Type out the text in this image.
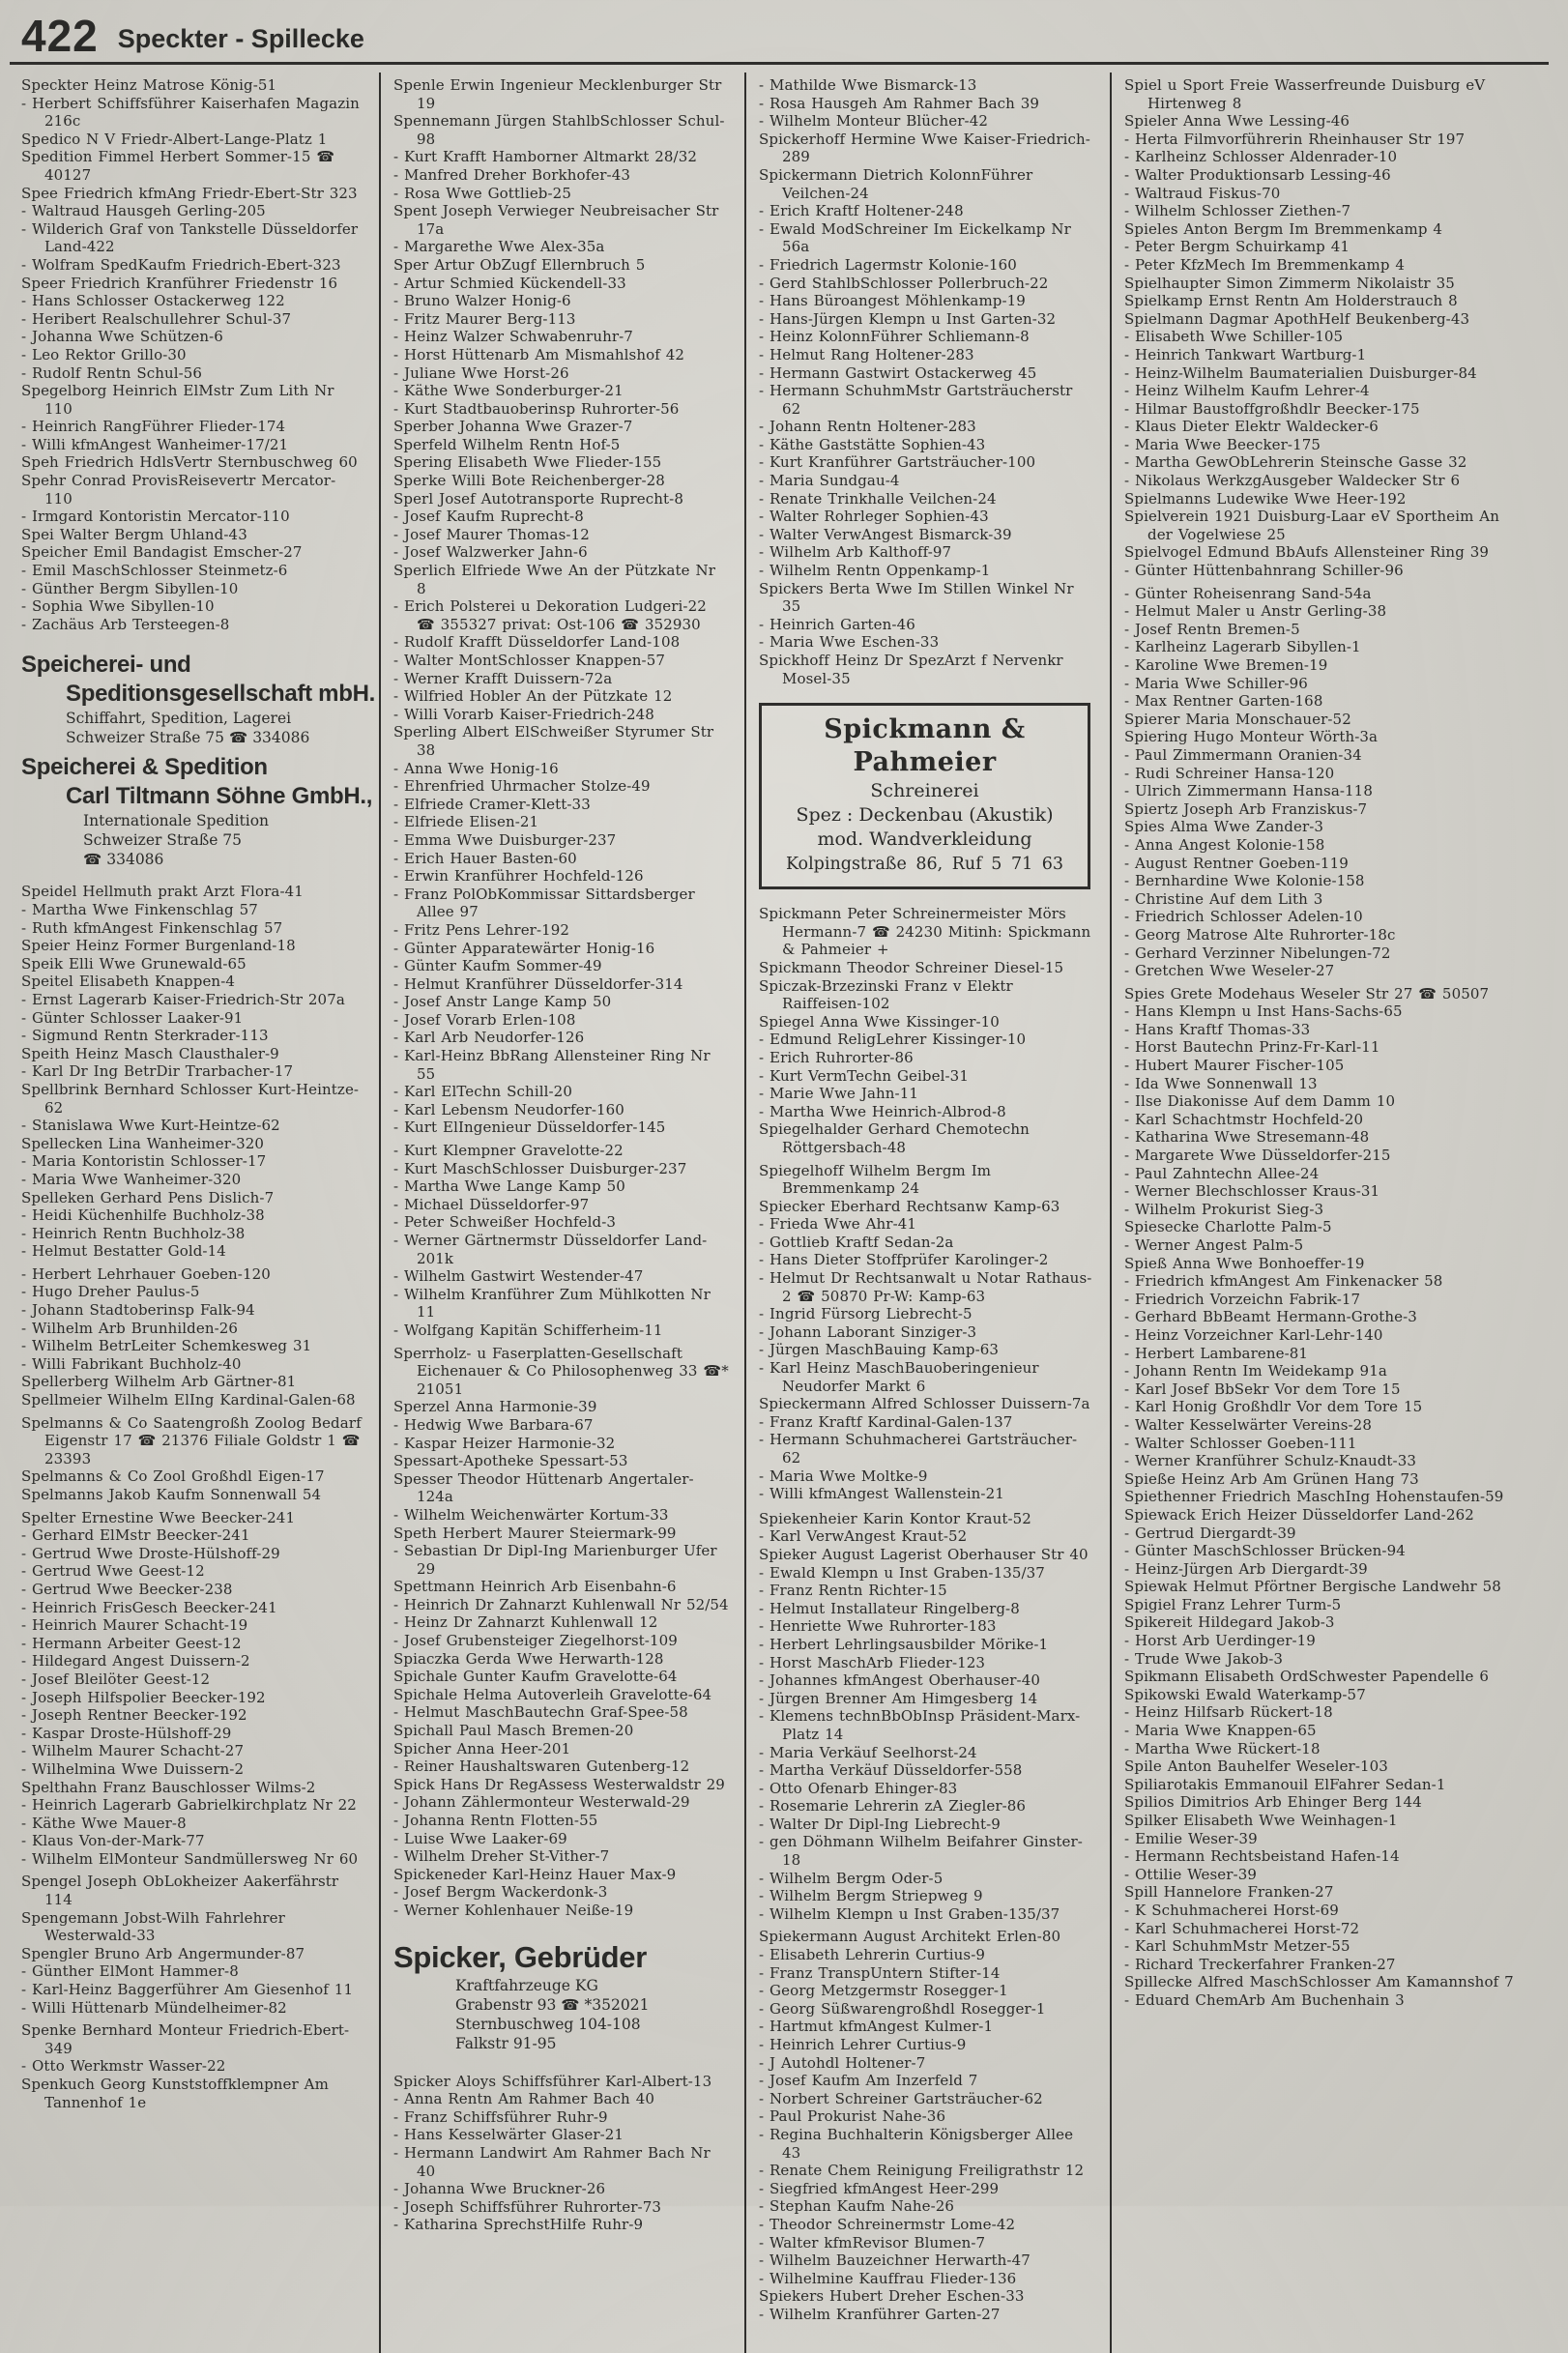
422 Speckter - Spillecke
Speckter Heinz Matrose König-51
- Herbert Schiffsführer Kaiserhafen Magazin 216c
Spedico N V Friedr-Albert-Lange-Platz 1
Spedition Fimmel Herbert Sommer-15 ☎ 40127
Spee Friedrich kfmAng Friedr-Ebert-Str 323
- Waltraud Hausgeh Gerling-205
- Wilderich Graf von Tankstelle Düsseldorfer Land-422
- Wolfram SpedKaufm Friedrich-Ebert-323
Speer Friedrich Kranführer Friedenstr 16
- Hans Schlosser Ostackerweg 122
- Heribert Realschullehrer Schul-37
- Johanna Wwe Schützen-6
- Leo Rektor Grillo-30
- Rudolf Rentn Schul-56
Spegelborg Heinrich ElMstr Zum Lith Nr 110
- Heinrich RangFührer Flieder-174
- Willi kfmAngest Wanheimer-17/21
Speh Friedrich HdlsVertr Sternbuschweg 60
Spehr Conrad ProvisReisevertr Mercator-110
- Irmgard Kontoristin Mercator-110
Spei Walter Bergm Uhland-43
Speicher Emil Bandagist Emscher-27
- Emil MaschSchlosser Steinmetz-6
- Günther Bergm Sibyllen-10
- Sophia Wwe Sibyllen-10
- Zachäus Arb Tersteegen-8
Speicherei- und
Speditionsgesellschaft mbH.
Schiffahrt, Spedition, Lagerei
Schweizer Straße 75 ☎ 334086
Speicherei & Spedition
Carl Tiltmann Söhne GmbH.,
Internationale Spedition
Schweizer Straße 75
☎ 334086
Speidel Hellmuth prakt Arzt Flora-41
- Martha Wwe Finkenschlag 57
- Ruth kfmAngest Finkenschlag 57
Speier Heinz Former Burgenland-18
Speik Elli Wwe Grunewald-65
Speitel Elisabeth Knappen-4
- Ernst Lagerarb Kaiser-Friedrich-Str 207a
- Günter Schlosser Laaker-91
- Sigmund Rentn Sterkrader-113
Speith Heinz Masch Clausthaler-9
- Karl Dr Ing BetrDir Trarbacher-17
Spellbrink Bernhard Schlosser Kurt-Heintze-62
- Stanislawa Wwe Kurt-Heintze-62
Spellecken Lina Wanheimer-320
- Maria Kontoristin Schlosser-17
- Maria Wwe Wanheimer-320
Spelleken Gerhard Pens Dislich-7
- Heidi Küchenhilfe Buchholz-38
- Heinrich Rentn Buchholz-38
- Helmut Bestatter Gold-14
- Herbert Lehrhauer Goeben-120
- Hugo Dreher Paulus-5
- Johann Stadtoberinsp Falk-94
- Wilhelm Arb Brunhilden-26
- Wilhelm BetrLeiter Schemkesweg 31
- Willi Fabrikant Buchholz-40
Spellerberg Wilhelm Arb Gärtner-81
Spellmeier Wilhelm ElIng Kardinal-Galen-68
Spelmanns & Co Saatengroßh Zoolog Bedarf Eigenstr 17 ☎ 21376 Filiale Goldstr 1 ☎ 23393
Spelmanns & Co Zool Großhdl Eigen-17
Spelmanns Jakob Kaufm Sonnenwall 54
Spelter Ernestine Wwe Beecker-241
- Gerhard ElMstr Beecker-241
- Gertrud Wwe Droste-Hülshoff-29
- Gertrud Wwe Geest-12
- Gertrud Wwe Beecker-238
- Heinrich FrisGesch Beecker-241
- Heinrich Maurer Schacht-19
- Hermann Arbeiter Geest-12
- Hildegard Angest Duissern-2
- Josef Bleilöter Geest-12
- Joseph Hilfspolier Beecker-192
- Joseph Rentner Beecker-192
- Kaspar Droste-Hülshoff-29
- Wilhelm Maurer Schacht-27
- Wilhelmina Wwe Duissern-2
Spelthahn Franz Bauschlosser Wilms-2
- Heinrich Lagerarb Gabrielkirchplatz Nr 22
- Käthe Wwe Mauer-8
- Klaus Von-der-Mark-77
- Wilhelm ElMonteur Sandmüllersweg Nr 60
Spengel Joseph ObLokheizer Aakerfährstr 114
Spengemann Jobst-Wilh Fahrlehrer Westerwald-33
Spengler Bruno Arb Angermunder-87
- Günther ElMont Hammer-8
- Karl-Heinz Baggerführer Am Giesenhof 11
- Willi Hüttenarb Mündelheimer-82
Spenke Bernhard Monteur Friedrich-Ebert-349
- Otto Werkmstr Wasser-22
Spenkuch Georg Kunststoffklempner Am Tannenhof 1e
Spenle Erwin Ingenieur Mecklenburger Str 19
Spennemann Jürgen StahlbSchlosser Schul-98
- Kurt Krafft Hamborner Altmarkt 28/32
- Manfred Dreher Borkhofer-43
- Rosa Wwe Gottlieb-25
Spent Joseph Verwieger Neubreisacher Str 17a
- Margarethe Wwe Alex-35a
Sper Artur ObZugf Ellernbruch 5
- Artur Schmied Kückendell-33
- Bruno Walzer Honig-6
- Fritz Maurer Berg-113
- Heinz Walzer Schwabenruhr-7
- Horst Hüttenarb Am Mismahlshof 42
- Juliane Wwe Horst-26
- Käthe Wwe Sonderburger-21
- Kurt Stadtbauoberinsp Ruhrorter-56
Sperber Johanna Wwe Grazer-7
Sperfeld Wilhelm Rentn Hof-5
Spering Elisabeth Wwe Flieder-155
Sperke Willi Bote Reichenberger-28
Sperl Josef Autotransporte Ruprecht-8
- Josef Kaufm Ruprecht-8
- Josef Maurer Thomas-12
- Josef Walzwerker Jahn-6
Sperlich Elfriede Wwe An der Pützkate Nr 8
- Erich Polsterei u Dekoration Ludgeri-22 ☎ 355327 privat: Ost-106 ☎ 352930
- Rudolf Krafft Düsseldorfer Land-108
- Walter MontSchlosser Knappen-57
- Werner Krafft Duissern-72a
- Wilfried Hobler An der Pützkate 12
- Willi Vorarb Kaiser-Friedrich-248
Sperling Albert ElSchweißer Styrumer Str 38
- Anna Wwe Honig-16
- Ehrenfried Uhrmacher Stolze-49
- Elfriede Cramer-Klett-33
- Elfriede Elisen-21
- Emma Wwe Duisburger-237
- Erich Hauer Basten-60
- Erwin Kranführer Hochfeld-126
- Franz PolObKommissar Sittardsberger Allee 97
- Fritz Pens Lehrer-192
- Günter Apparatewärter Honig-16
- Günter Kaufm Sommer-49
- Helmut Kranführer Düsseldorfer-314
- Josef Anstr Lange Kamp 50
- Josef Vorarb Erlen-108
- Karl Arb Neudorfer-126
- Karl-Heinz BbRang Allensteiner Ring Nr 55
- Karl ElTechn Schill-20
- Karl Lebensm Neudorfer-160
- Kurt ElIngenieur Düsseldorfer-145
- Kurt Klempner Gravelotte-22
- Kurt MaschSchlosser Duisburger-237
- Martha Wwe Lange Kamp 50
- Michael Düsseldorfer-97
- Peter Schweißer Hochfeld-3
- Werner Gärtnermstr Düsseldorfer Land-201k
- Wilhelm Gastwirt Westender-47
- Wilhelm Kranführer Zum Mühlkotten Nr 11
- Wolfgang Kapitän Schifferheim-11
Sperrholz- u Faserplatten-Gesellschaft Eichenauer & Co Philosophenweg 33 ☎* 21051
Sperzel Anna Harmonie-39
- Hedwig Wwe Barbara-67
- Kaspar Heizer Harmonie-32
Spessart-Apotheke Spessart-53
Spesser Theodor Hüttenarb Angertaler-124a
- Wilhelm Weichenwärter Kortum-33
Speth Herbert Maurer Steiermark-99
- Sebastian Dr Dipl-Ing Marienburger Ufer 29
Spettmann Heinrich Arb Eisenbahn-6
- Heinrich Dr Zahnarzt Kuhlenwall Nr 52/54
- Heinz Dr Zahnarzt Kuhlenwall 12
- Josef Grubensteiger Ziegelhorst-109
Spiaczka Gerda Wwe Herwarth-128
Spichale Gunter Kaufm Gravelotte-64
Spichale Helma Autoverleih Gravelotte-64
- Helmut MaschBautechn Graf-Spee-58
Spichall Paul Masch Bremen-20
Spicher Anna Heer-201
- Reiner Haushaltswaren Gutenberg-12
Spick Hans Dr RegAssess Westerwaldstr 29
- Johann Zählermonteur Westerwald-29
- Johanna Rentn Flotten-55
- Luise Wwe Laaker-69
- Wilhelm Dreher St-Vither-7
Spickeneder Karl-Heinz Hauer Max-9
- Josef Bergm Wackerdonk-3
- Werner Kohlenhauer Neiße-19
Spicker, Gebrüder
Kraftfahrzeuge KG
Grabenstr 93 ☎ *352021
Sternbuschweg 104-108
Falkstr 91-95
Spicker Aloys Schiffsführer Karl-Albert-13
- Anna Rentn Am Rahmer Bach 40
- Franz Schiffsführer Ruhr-9
- Hans Kesselwärter Glaser-21
- Hermann Landwirt Am Rahmer Bach Nr 40
- Johanna Wwe Bruckner-26
- Joseph Schiffsführer Ruhrorter-73
- Katharina SprechstHilfe Ruhr-9
- Mathilde Wwe Bismarck-13
- Rosa Hausgeh Am Rahmer Bach 39
- Wilhelm Monteur Blücher-42
Spickerhoff Hermine Wwe Kaiser-Friedrich-289
Spickermann Dietrich KolonnFührer Veilchen-24
- Erich Kraftf Holtener-248
- Ewald ModSchreiner Im Eickelkamp Nr 56a
- Friedrich Lagermstr Kolonie-160
- Gerd StahlbSchlosser Pollerbruch-22
- Hans Büroangest Möhlenkamp-19
- Hans-Jürgen Klempn u Inst Garten-32
- Heinz KolonnFührer Schliemann-8
- Helmut Rang Holtener-283
- Hermann Gastwirt Ostackerweg 45
- Hermann SchuhmMstr Gartsträucherstr 62
- Johann Rentn Holtener-283
- Käthe Gaststätte Sophien-43
- Kurt Kranführer Gartsträucher-100
- Maria Sundgau-4
- Renate Trinkhalle Veilchen-24
- Walter Rohrleger Sophien-43
- Walter VerwAngest Bismarck-39
- Wilhelm Arb Kalthoff-97
- Wilhelm Rentn Oppenkamp-1
Spickers Berta Wwe Im Stillen Winkel Nr 35
- Heinrich Garten-46
- Maria Wwe Eschen-33
Spickhoff Heinz Dr SpezArzt f Nervenkr Mosel-35
Spickmann & Pahmeier
Schreinerei
Spez : Deckenbau (Akustik)
mod. Wandverkleidung
Kolpingstraße 86, Ruf 5 71 63
Spickmann Peter Schreinermeister Mörs Hermann-7 ☎ 24230 Mitinh: Spickmann & Pahmeier +
Spickmann Theodor Schreiner Diesel-15
Spiczak-Brzezinski Franz v Elektr Raiffeisen-102
Spiegel Anna Wwe Kissinger-10
- Edmund ReligLehrer Kissinger-10
- Erich Ruhrorter-86
- Kurt VermTechn Geibel-31
- Marie Wwe Jahn-11
- Martha Wwe Heinrich-Albrod-8
Spiegelhalder Gerhard Chemotechn Röttgersbach-48
Spiegelhoff Wilhelm Bergm Im Bremmenkamp 24
Spiecker Eberhard Rechtsanw Kamp-63
- Frieda Wwe Ahr-41
- Gottlieb Kraftf Sedan-2a
- Hans Dieter Stoffprüfer Karolinger-2
- Helmut Dr Rechtsanwalt u Notar Rathaus-2 ☎ 50870 Pr-W: Kamp-63
- Ingrid Fürsorg Liebrecht-5
- Johann Laborant Sinziger-3
- Jürgen MaschBauing Kamp-63
- Karl Heinz MaschBauoberingenieur Neudorfer Markt 6
Spieckermann Alfred Schlosser Duissern-7a
- Franz Kraftf Kardinal-Galen-137
- Hermann Schuhmacherei Gartsträucher-62
- Maria Wwe Moltke-9
- Willi kfmAngest Wallenstein-21
Spiekenheier Karin Kontor Kraut-52
- Karl VerwAngest Kraut-52
Spieker August Lagerist Oberhauser Str 40
- Ewald Klempn u Inst Graben-135/37
- Franz Rentn Richter-15
- Helmut Installateur Ringelberg-8
- Henriette Wwe Ruhrorter-183
- Herbert Lehrlingsausbilder Mörike-1
- Horst MaschArb Flieder-123
- Johannes kfmAngest Oberhauser-40
- Jürgen Brenner Am Himgesberg 14
- Klemens technBbObInsp Präsident-Marx-Platz 14
- Maria Verkäuf Seelhorst-24
- Martha Verkäuf Düsseldorfer-558
- Otto Ofenarb Ehinger-83
- Rosemarie Lehrerin zA Ziegler-86
- Walter Dr Dipl-Ing Liebrecht-9
- gen Döhmann Wilhelm Beifahrer Ginster-18
- Wilhelm Bergm Oder-5
- Wilhelm Bergm Striepweg 9
- Wilhelm Klempn u Inst Graben-135/37
Spiekermann August Architekt Erlen-80
- Elisabeth Lehrerin Curtius-9
- Franz TranspUntern Stifter-14
- Georg Metzgermstr Rosegger-1
- Georg Süßwarengroßhdl Rosegger-1
- Hartmut kfmAngest Kulmer-1
- Heinrich Lehrer Curtius-9
- J Autohdl Holtener-7
- Josef Kaufm Am Inzerfeld 7
- Norbert Schreiner Gartsträucher-62
- Paul Prokurist Nahe-36
- Regina Buchhalterin Königsberger Allee 43
- Renate Chem Reinigung Freiligrathstr 12
- Siegfried kfmAngest Heer-299
- Stephan Kaufm Nahe-26
- Theodor Schreinermstr Lome-42
- Walter kfmRevisor Blumen-7
- Wilhelm Bauzeichner Herwarth-47
- Wilhelmine Kauffrau Flieder-136
Spiekers Hubert Dreher Eschen-33
- Wilhelm Kranführer Garten-27
Spiel u Sport Freie Wasserfreunde Duisburg eV Hirtenweg 8
Spieler Anna Wwe Lessing-46
- Herta Filmvorführerin Rheinhauser Str 197
- Karlheinz Schlosser Aldenrader-10
- Walter Produktionsarb Lessing-46
- Waltraud Fiskus-70
- Wilhelm Schlosser Ziethen-7
Spieles Anton Bergm Im Bremmenkamp 4
- Peter Bergm Schuirkamp 41
- Peter KfzMech Im Bremmenkamp 4
Spielhaupter Simon Zimmerm Nikolaistr 35
Spielkamp Ernst Rentn Am Holderstrauch 8
Spielmann Dagmar ApothHelf Beukenberg-43
- Elisabeth Wwe Schiller-105
- Heinrich Tankwart Wartburg-1
- Heinz-Wilhelm Baumaterialien Duisburger-84
- Heinz Wilhelm Kaufm Lehrer-4
- Hilmar Baustoffgroßhdlr Beecker-175
- Klaus Dieter Elektr Waldecker-6
- Maria Wwe Beecker-175
- Martha GewObLehrerin Steinsche Gasse 32
- Nikolaus WerkzgAusgeber Waldecker Str 6
Spielmanns Ludewike Wwe Heer-192
Spielverein 1921 Duisburg-Laar eV Sportheim An der Vogelwiese 25
Spielvogel Edmund BbAufs Allensteiner Ring 39
- Günter Hüttenbahnrang Schiller-96
- Günter Roheisenrang Sand-54a
- Helmut Maler u Anstr Gerling-38
- Josef Rentn Bremen-5
- Karlheinz Lagerarb Sibyllen-1
- Karoline Wwe Bremen-19
- Maria Wwe Schiller-96
- Max Rentner Garten-168
Spierer Maria Monschauer-52
Spiering Hugo Monteur Wörth-3a
- Paul Zimmermann Oranien-34
- Rudi Schreiner Hansa-120
- Ulrich Zimmermann Hansa-118
Spiertz Joseph Arb Franziskus-7
Spies Alma Wwe Zander-3
- Anna Angest Kolonie-158
- August Rentner Goeben-119
- Bernhardine Wwe Kolonie-158
- Christine Auf dem Lith 3
- Friedrich Schlosser Adelen-10
- Georg Matrose Alte Ruhrorter-18c
- Gerhard Verzinner Nibelungen-72
- Gretchen Wwe Weseler-27
Spies Grete Modehaus Weseler Str 27 ☎ 50507
- Hans Klempn u Inst Hans-Sachs-65
- Hans Kraftf Thomas-33
- Horst Bautechn Prinz-Fr-Karl-11
- Hubert Maurer Fischer-105
- Ida Wwe Sonnenwall 13
- Ilse Diakonisse Auf dem Damm 10
- Karl Schachtmstr Hochfeld-20
- Katharina Wwe Stresemann-48
- Margarete Wwe Düsseldorfer-215
- Paul Zahntechn Allee-24
- Werner Blechschlosser Kraus-31
- Wilhelm Prokurist Sieg-3
Spiesecke Charlotte Palm-5
- Werner Angest Palm-5
Spieß Anna Wwe Bonhoeffer-19
- Friedrich kfmAngest Am Finkenacker 58
- Friedrich Vorzeichn Fabrik-17
- Gerhard BbBeamt Hermann-Grothe-3
- Heinz Vorzeichner Karl-Lehr-140
- Herbert Lambarene-81
- Johann Rentn Im Weidekamp 91a
- Karl Josef BbSekr Vor dem Tore 15
- Karl Honig Großhdlr Vor dem Tore 15
- Walter Kesselwärter Vereins-28
- Walter Schlosser Goeben-111
- Werner Kranführer Schulz-Knaudt-33
Spieße Heinz Arb Am Grünen Hang 73
Spiethenner Friedrich MaschIng Hohenstaufen-59
Spiewack Erich Heizer Düsseldorfer Land-262
- Gertrud Diergardt-39
- Günter MaschSchlosser Brücken-94
- Heinz-Jürgen Arb Diergardt-39
Spiewak Helmut Pförtner Bergische Landwehr 58
Spigiel Franz Lehrer Turm-5
Spikereit Hildegard Jakob-3
- Horst Arb Uerdinger-19
- Trude Wwe Jakob-3
Spikmann Elisabeth OrdSchwester Papendelle 6
Spikowski Ewald Waterkamp-57
- Heinz Hilfsarb Rückert-18
- Maria Wwe Knappen-65
- Martha Wwe Rückert-18
Spile Anton Bauhelfer Weseler-103
Spiliarotakis Emmanouil ElFahrer Sedan-1
Spilios Dimitrios Arb Ehinger Berg 144
Spilker Elisabeth Wwe Weinhagen-1
- Emilie Weser-39
- Hermann Rechtsbeistand Hafen-14
- Ottilie Weser-39
Spill Hannelore Franken-27
- K Schuhmacherei Horst-69
- Karl Schuhmacherei Horst-72
- Karl SchuhmMstr Metzer-55
- Richard Treckerfahrer Franken-27
Spillecke Alfred MaschSchlosser Am Kamannshof 7
- Eduard ChemArb Am Buchenhain 3
